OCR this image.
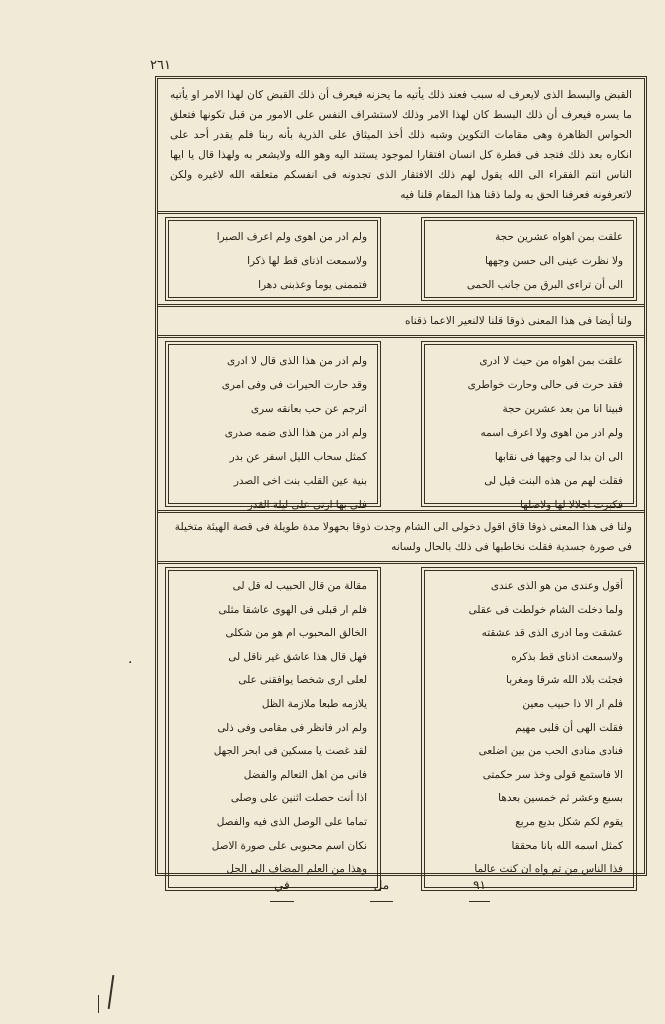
٢٦١
القبض والبسط الذى لايعرف له سبب فعند ذلك يأتيه ما يحزنه فيعرف أن ذلك القبض كان لهذا الامر او يأتيه ما يسره فيعرف أن ذلك البسط كان لهذا الامر وذلك لاستشراف النفس على الامور من قبل تكونها فتعلق الحواس الظاهرة وهى مقامات التكوين وشبه ذلك أخذ الميثاق على الذرية بأنه ربنا فلم يقدر أحد على انكاره بعد ذلك فتجد فى فطرة كل انسان افتقارا لموجود يستند اليه وهو الله ولايشعر به ولهذا قال يا ايها الناس انتم الفقراء الى الله يقول لهم ذلك الافتقار الذى تجدونه فى انفسكم متعلقه الله لاغيره ولكن لاتعرفونه فعرفنا الحق به ولما ذقنا هذا المقام قلنا فيه
علقت بمن اهواه عشرين حجة
ولا نظرت عينى الى حسن وجهها
الى أن تراءى البرق من جانب الحمى
ولم ادر من اهوى ولم اعرف الصبرا
ولاسمعت اذناى قط لها ذكرا
فتممنى يوما وعذبنى دهرا
ولنا أيضا فى هذا المعنى ذوقا قلنا لالنعير الاعما ذقناه
علقت بمن اهواه من حيث لا ادرى
فقد حرت فى حالى وحارت خواطرى
فبينا انا من بعد عشرين حجة
ولم ادر من اهوى ولا اعرف اسمه
الى ان بدا لى وجهها فى نقابها
فقلت لهم من هذه البنت قيل لى
فكبرت اجلالا لها ولاصلها
ولم ادر من هذا الذى قال لا ادرى
وقد حارت الحيرات فى وفى امرى
اترجم عن حب بعانقه سرى
ولم ادر من هذا الذى ضمه صدرى
كمثل سحاب الليل اسفر عن بدر
بنية عين القلب بنت اخى الصدر
فلى بها ارنى على ليلة القدر
ولنا فى هذا المعنى ذوقا قاق اقول دخولى الى الشام وجدت ذوقا بحهولا مدة طويلة فى قصة الهيئة متخيلة فى صورة جسدية فقلت نخاطبها فى ذلك بالحال ولسانه
أقول وعندى من هو الذى عندى
ولما دخلت الشام خولطت فى عقلى
عشقت وما ادرى الذى قد عشقته
ولاسمعت اذناى قط بذكره
فجئت بلاد الله شرقا ومغربا
فلم ار الا ذا حبيب معين
فقلت الهى أن قلبى مهيم
فنادى منادى الحب من بين اضلعى
الا فاستمع قولى وخذ سر حكمتى
بسبع وعشر ثم خمسين بعدها
يقوم لكم شكل بديع مربع
كمثل اسمه الله بانا محققا
فذا الناس من تم واه ان كنت عالما
مقالة من قال الحبيب له قل لى
فلم ار قبلى فى الهوى عاشقا مثلى
الخالق المحبوب ام هو من شكلى
فهل قال هذا عاشق غير ناقل لى
لعلى ارى شخصا يوافقنى على
يلازمه طبعا ملازمة الظل
ولم ادر فانظر فى مقامى وفى ذلى
لقد غصت يا مسكين فى ابحر الجهل
فانى من اهل التعالم والفضل
اذا أنت حصلت اثنين على وصلى
تماما على الوصل الذى فيه والفصل
نكان اسم محبوبى على صورة الاصل
وهذا من العلم المضاف الى الجل
٩١
مل
في
·
